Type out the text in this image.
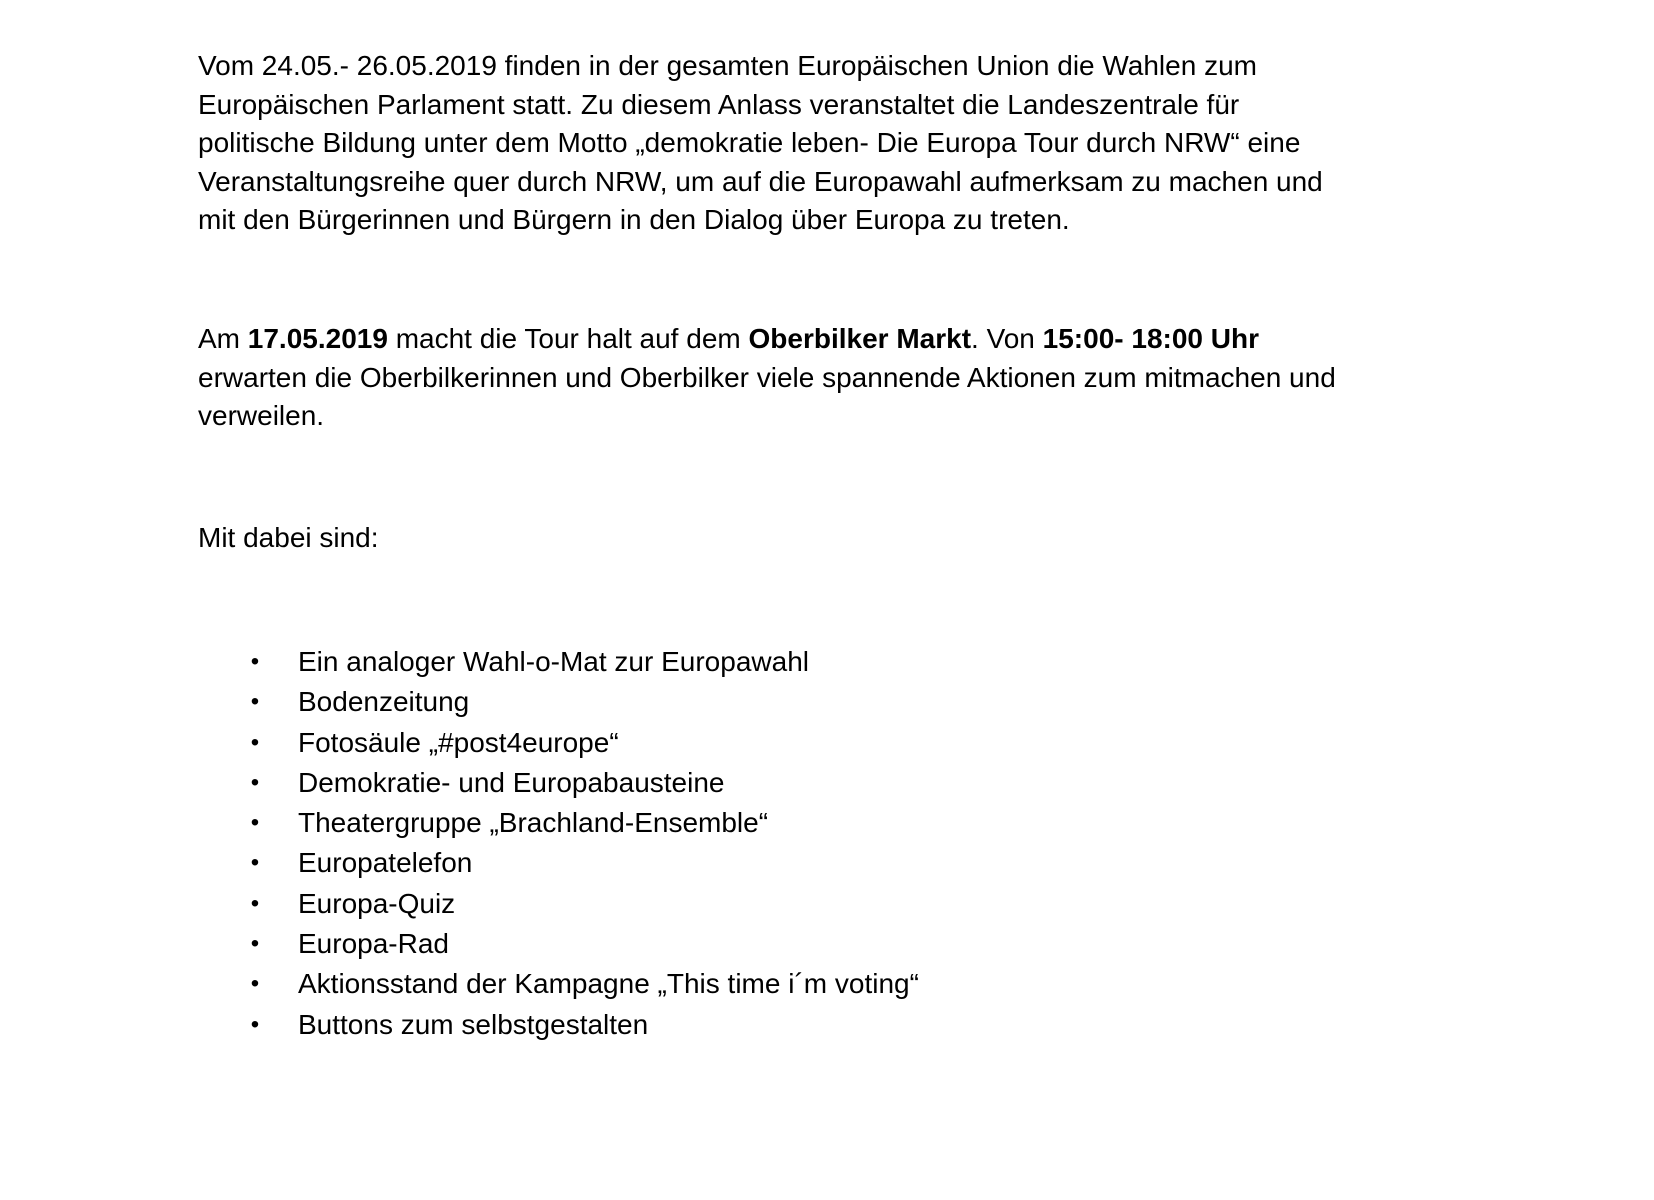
Vom 24.05.- 26.05.2019 finden in der gesamten Europäischen Union die Wahlen zum
Europäischen Parlament statt. Zu diesem Anlass veranstaltet die Landeszentrale für
politische Bildung unter dem Motto „demokratie leben- Die Europa Tour durch NRW“ eine
Veranstaltungsreihe quer durch NRW, um auf die Europawahl aufmerksam zu machen und
mit den Bürgerinnen und Bürgern in den Dialog über Europa zu treten.

Am 17.05.2019 macht die Tour halt auf dem Oberbilker Markt. Von 15:00- 18:00 Uhr
erwarten die Oberbilkerinnen und Oberbilker viele spannende Aktionen zum mitmachen und
verweilen.

Mit dabei sind:

• Ein analoger Wahl-o-Mat zur Europawahl
• Bodenzeitung
• Fotosäule „#post4europe“
• Demokratie- und Europabausteine
• Theatergruppe „Brachland-Ensemble“
• Europatelefon
• Europa-Quiz
• Europa-Rad
• Aktionsstand der Kampagne „This time i´m voting“
• Buttons zum selbstgestalten
